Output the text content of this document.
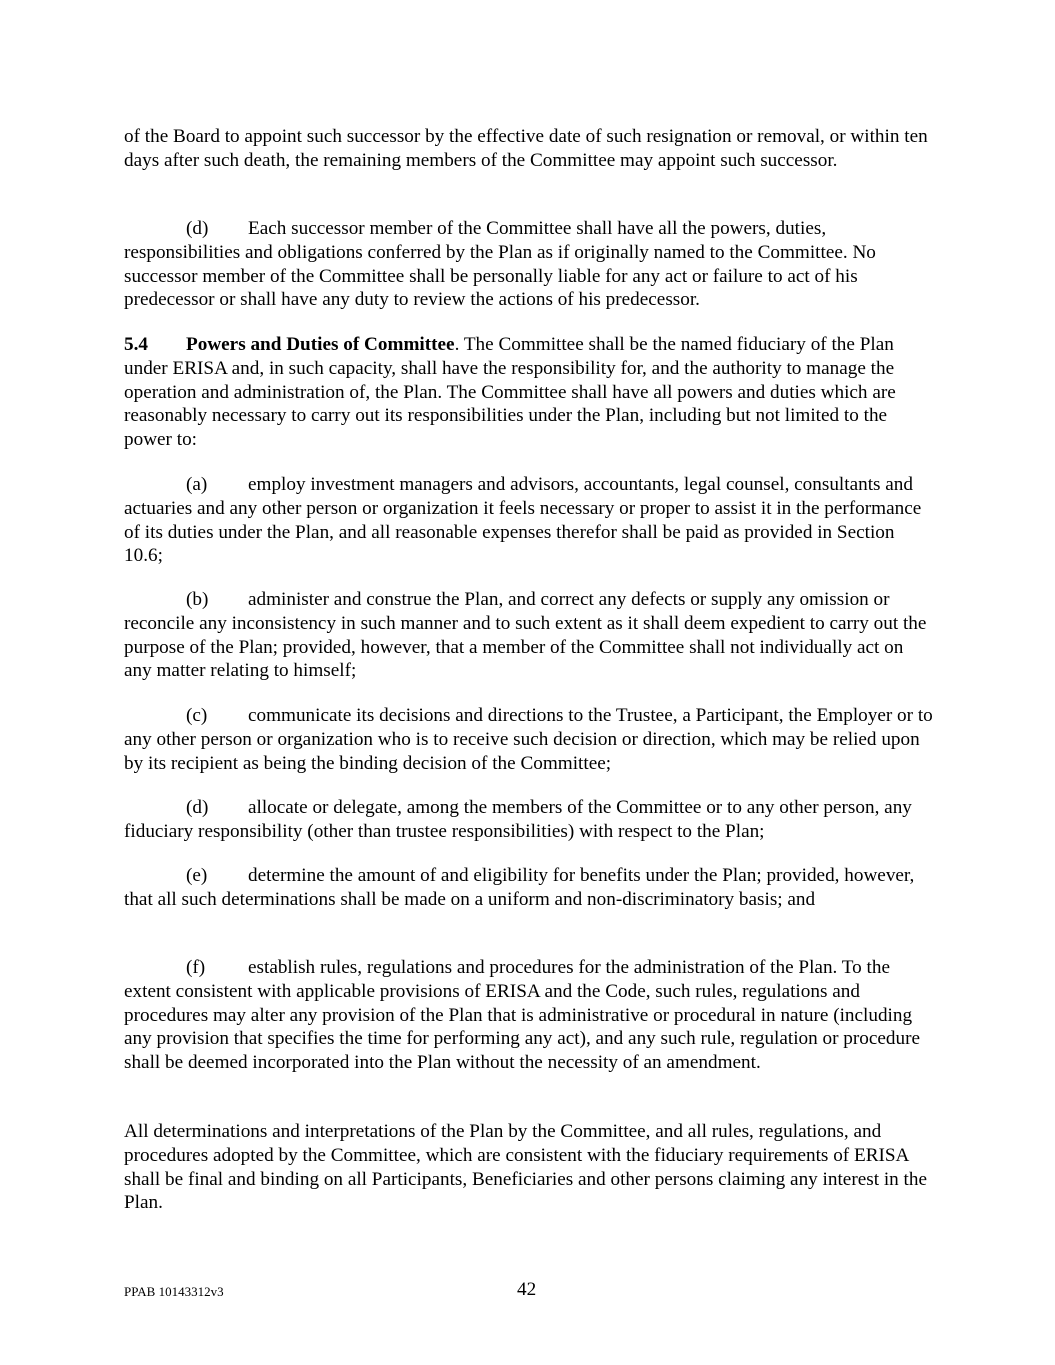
of the Board to appoint such successor by the effective date of such resignation or removal, or within ten days after such death, the remaining members of the Committee may appoint such successor.

(d) Each successor member of the Committee shall have all the powers, duties, responsibilities and obligations conferred by the Plan as if originally named to the Committee. No successor member of the Committee shall be personally liable for any act or failure to act of his predecessor or shall have any duty to review the actions of his predecessor.

5.4 Powers and Duties of Committee. The Committee shall be the named fiduciary of the Plan under ERISA and, in such capacity, shall have the responsibility for, and the authority to manage the operation and administration of, the Plan. The Committee shall have all powers and duties which are reasonably necessary to carry out its responsibilities under the Plan, including but not limited to the power to:

(a) employ investment managers and advisors, accountants, legal counsel, consultants and actuaries and any other person or organization it feels necessary or proper to assist it in the performance of its duties under the Plan, and all reasonable expenses therefor shall be paid as provided in Section 10.6;

(b) administer and construe the Plan, and correct any defects or supply any omission or reconcile any inconsistency in such manner and to such extent as it shall deem expedient to carry out the purpose of the Plan; provided, however, that a member of the Committee shall not individually act on any matter relating to himself;

(c) communicate its decisions and directions to the Trustee, a Participant, the Employer or to any other person or organization who is to receive such decision or direction, which may be relied upon by its recipient as being the binding decision of the Committee;

(d) allocate or delegate, among the members of the Committee or to any other person, any fiduciary responsibility (other than trustee responsibilities) with respect to the Plan;

(e) determine the amount of and eligibility for benefits under the Plan; provided, however, that all such determinations shall be made on a uniform and non-discriminatory basis; and

(f) establish rules, regulations and procedures for the administration of the Plan. To the extent consistent with applicable provisions of ERISA and the Code, such rules, regulations and procedures may alter any provision of the Plan that is administrative or procedural in nature (including any provision that specifies the time for performing any act), and any such rule, regulation or procedure shall be deemed incorporated into the Plan without the necessity of an amendment.

All determinations and interpretations of the Plan by the Committee, and all rules, regulations, and procedures adopted by the Committee, which are consistent with the fiduciary requirements of ERISA shall be final and binding on all Participants, Beneficiaries and other persons claiming any interest in the Plan.

PPAB 10143312v3	42
